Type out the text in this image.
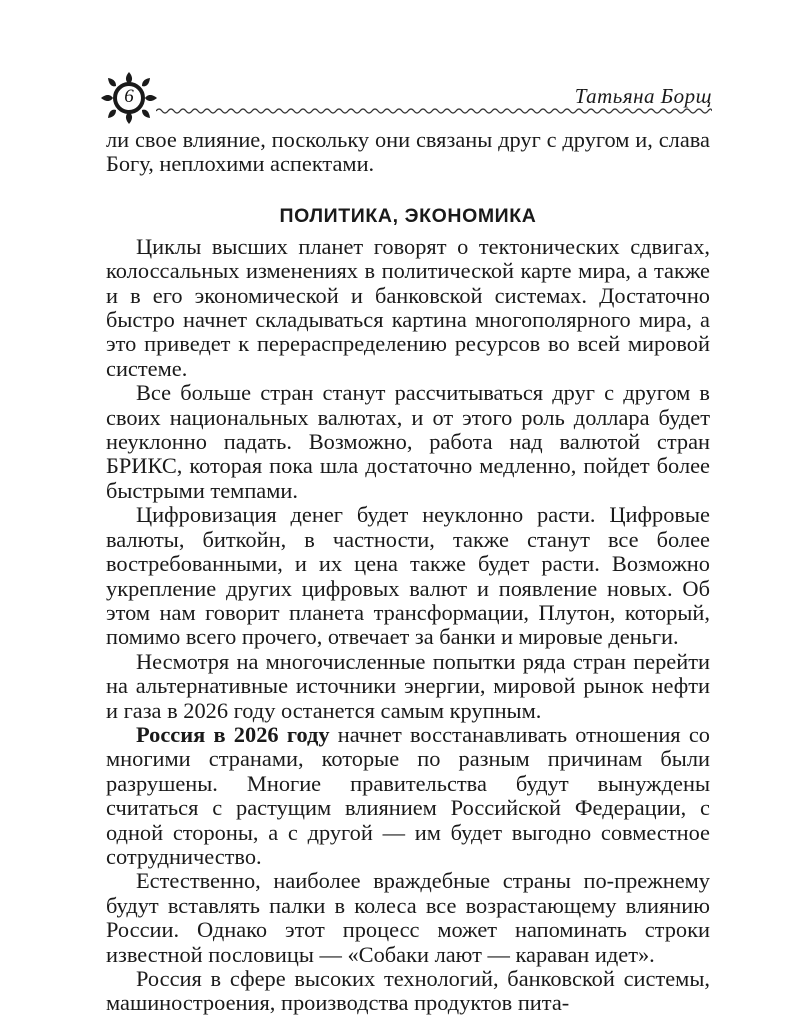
6	Татьяна Борщ

ли свое влияние, поскольку они связаны друг с другом и, слава Богу, неплохими аспектами.

ПОЛИТИКА, ЭКОНОМИКА

Циклы высших планет говорят о тектонических сдвигах, колоссальных изменениях в политической карте мира, а также и в его экономической и банковской системах. Достаточно быстро начнет складываться картина многополярного мира, а это приведет к перераспределению ресурсов во всей мировой системе.

Все больше стран станут рассчитываться друг с другом в своих национальных валютах, и от этого роль доллара будет неуклонно падать. Возможно, работа над валютой стран БРИКС, которая пока шла достаточно медленно, пойдет более быстрыми темпами.

Цифровизация денег будет неуклонно расти. Цифровые валюты, биткойн, в частности, также станут все более востребованными, и их цена также будет расти. Возможно укрепление других цифровых валют и появление новых. Об этом нам говорит планета трансформации, Плутон, который, помимо всего прочего, отвечает за банки и мировые деньги.

Несмотря на многочисленные попытки ряда стран перейти на альтернативные источники энергии, мировой рынок нефти и газа в 2026 году останется самым крупным.

Россия в 2026 году начнет восстанавливать отношения со многими странами, которые по разным причинам были разрушены. Многие правительства будут вынуждены считаться с растущим влиянием Российской Федерации, с одной стороны, а с другой — им будет выгодно совместное сотрудничество.

Естественно, наиболее враждебные страны по-прежнему будут вставлять палки в колеса все возрастающему влиянию России. Однако этот процесс может напоминать строки известной пословицы — «Собаки лают — караван идет».

Россия в сфере высоких технологий, банковской системы, машиностроения, производства продуктов пита-
